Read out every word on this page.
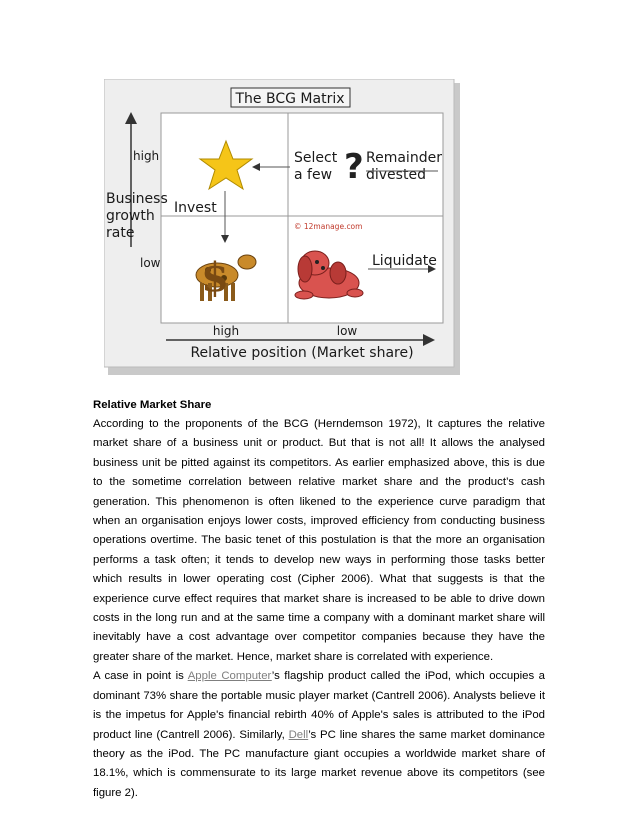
The BCG Matrix
high
low
Business
growth
rate
high	low
Relative position (Market share)
Invest
Select
a few ? Remainder
divested
© 12manage.com
$	Liquidate

Relative Market Share

According to the proponents of the BCG (Herndemson 1972), It captures the relative market share of a business unit or product. But that is not all! It allows the analysed business unit be pitted against its competitors. As earlier emphasized above, this is due to the sometime correlation between relative market share and the product’s cash generation. This phenomenon is often likened to the experience curve paradigm that when an organisation enjoys lower costs, improved efficiency from conducting business operations overtime. The basic tenet of this postulation is that the more an organisation performs a task often; it tends to develop new ways in performing those tasks better which results in lower operating cost (Cipher 2006). What that suggests is that the experience curve effect requires that market share is increased to be able to drive down costs in the long run and at the same time a company with a dominant market share will inevitably have a cost advantage over competitor companies because they have the greater share of the market. Hence, market share is correlated with experience.

A case in point is Apple Computer’s flagship product called the iPod, which occupies a dominant 73% share the portable music player market (Cantrell 2006). Analysts believe it is the impetus for Apple's financial rebirth 40% of Apple's sales is attributed to the iPod product line (Cantrell 2006). Similarly, Dell’s PC line shares the same market dominance theory as the iPod. The PC manufacture giant occupies a worldwide market share of 18.1%, which is commensurate to its large market revenue above its competitors (see figure 2).
